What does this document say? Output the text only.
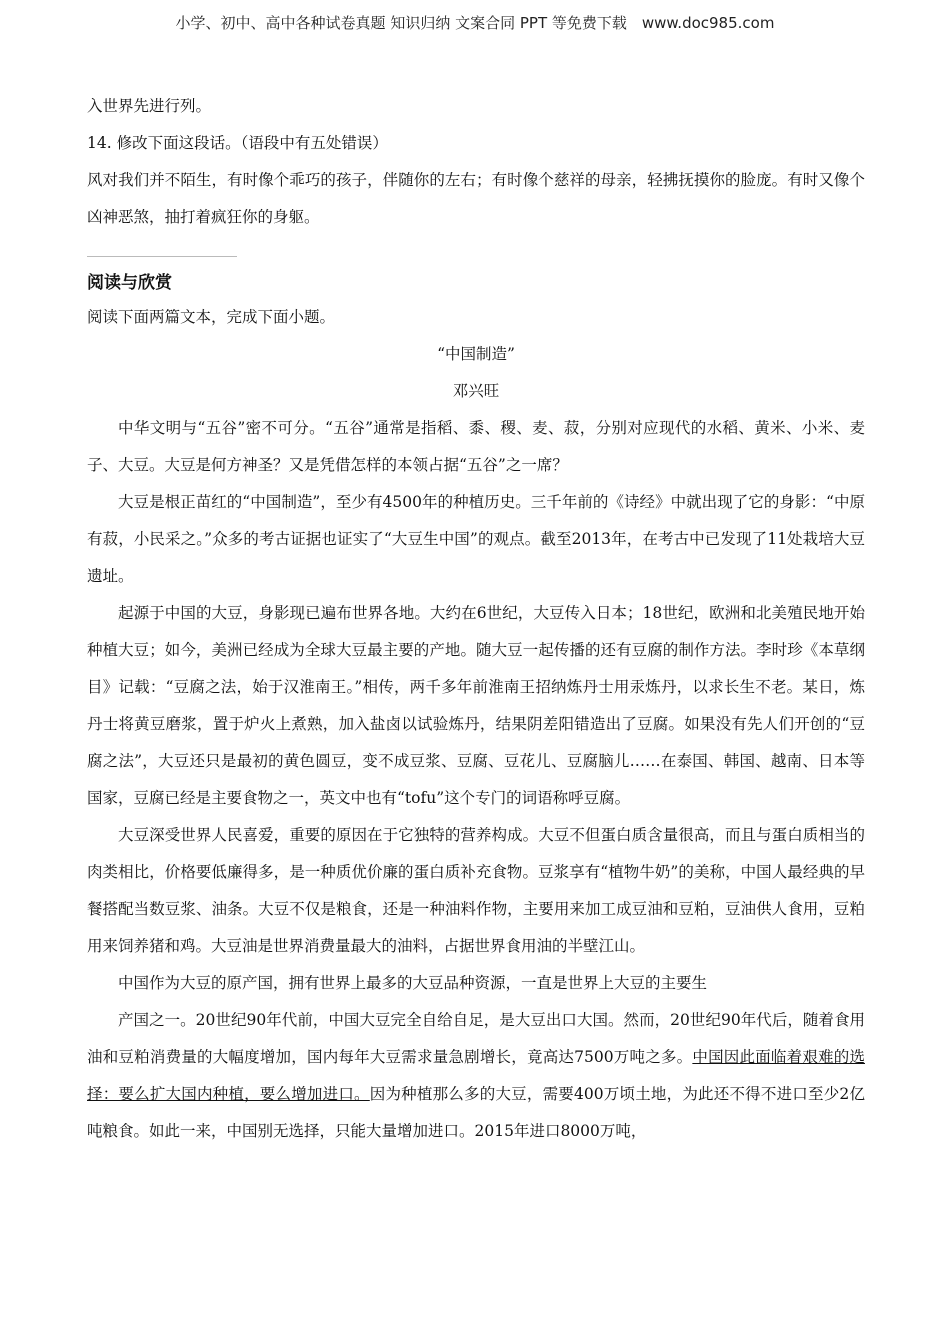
小学、初中、高中各种试卷真题 知识归纳 文案合同 PPT 等免费下载　www.doc985.com

入世界先进行列。

14. 修改下面这段话。（语段中有五处错误）

风对我们并不陌生，有时像个乖巧的孩子，伴随你的左右；有时像个慈祥的母亲，轻拂抚摸你的脸庞。有时又像个凶神恶煞，抽打着疯狂你的身躯。

阅读与欣赏

阅读下面两篇文本，完成下面小题。

“中国制造”

邓兴旺

中华文明与“五谷”密不可分。“五谷”通常是指稻、黍、稷、麦、菽，分别对应现代的水稻、黄米、小米、麦子、大豆。大豆是何方神圣？又是凭借怎样的本领占据“五谷”之一席？

大豆是根正苗红的“中国制造”，至少有4500年的种植历史。三千年前的《诗经》中就出现了它的身影：“中原有菽，小民采之。”众多的考古证据也证实了“大豆生中国”的观点。截至2013年，在考古中已发现了11处栽培大豆遗址。

起源于中国的大豆，身影现已遍布世界各地。大约在6世纪，大豆传入日本；18世纪，欧洲和北美殖民地开始种植大豆；如今，美洲已经成为全球大豆最主要的产地。随大豆一起传播的还有豆腐的制作方法。李时珍《本草纲目》记载：“豆腐之法，始于汉淮南王。”相传，两千多年前淮南王招纳炼丹士用汞炼丹，以求长生不老。某日，炼丹士将黄豆磨浆，置于炉火上煮熟，加入盐卤以试验炼丹，结果阴差阳错造出了豆腐。如果没有先人们开创的“豆腐之法”，大豆还只是最初的黄色圆豆，变不成豆浆、豆腐、豆花儿、豆腐脑儿……在泰国、韩国、越南、日本等国家，豆腐已经是主要食物之一，英文中也有“tofu”这个专门的词语称呼豆腐。

大豆深受世界人民喜爱，重要的原因在于它独特的营养构成。大豆不但蛋白质含量很高，而且与蛋白质相当的肉类相比，价格要低廉得多，是一种质优价廉的蛋白质补充食物。豆浆享有“植物牛奶”的美称，中国人最经典的早餐搭配当数豆浆、油条。大豆不仅是粮食，还是一种油料作物，主要用来加工成豆油和豆粕，豆油供人食用，豆粕用来饲养猪和鸡。大豆油是世界消费量最大的油料，占据世界食用油的半壁江山。

中国作为大豆的原产国，拥有世界上最多的大豆品种资源，一直是世界上大豆的主要生

产国之一。20世纪90年代前，中国大豆完全自给自足，是大豆出口大国。然而，20世纪90年代后，随着食用油和豆粕消费量的大幅度增加，国内每年大豆需求量急剧增长，竟高达7500万吨之多。中国因此面临着艰难的选择：要么扩大国内种植，要么增加进口。因为种植那么多的大豆，需要400万顷土地，为此还不得不进口至少2亿吨粮食。如此一来，中国别无选择，只能大量增加进口。2015年进口8000万吨，
